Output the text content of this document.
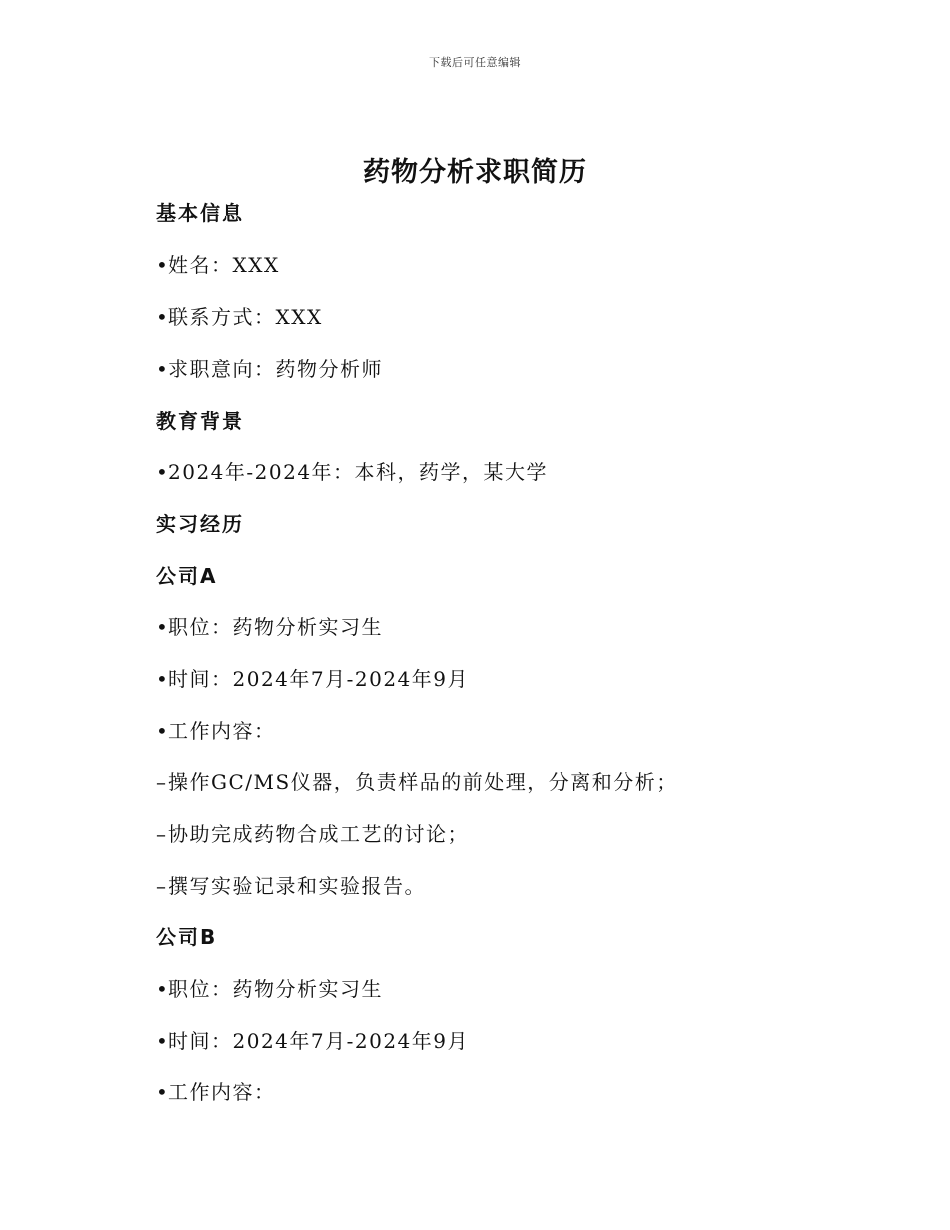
下载后可任意编辑
药物分析求职简历
基本信息
•姓名：XXX
•联系方式：XXX
•求职意向：药物分析师
教育背景
•2024年-2024年：本科，药学，某大学
实习经历
公司A
•职位：药物分析实习生
•时间：2024年7月-2024年9月
•工作内容：
–操作GC/MS仪器，负责样品的前处理，分离和分析；
–协助完成药物合成工艺的讨论；
–撰写实验记录和实验报告。
公司B
•职位：药物分析实习生
•时间：2024年7月-2024年9月
•工作内容：
